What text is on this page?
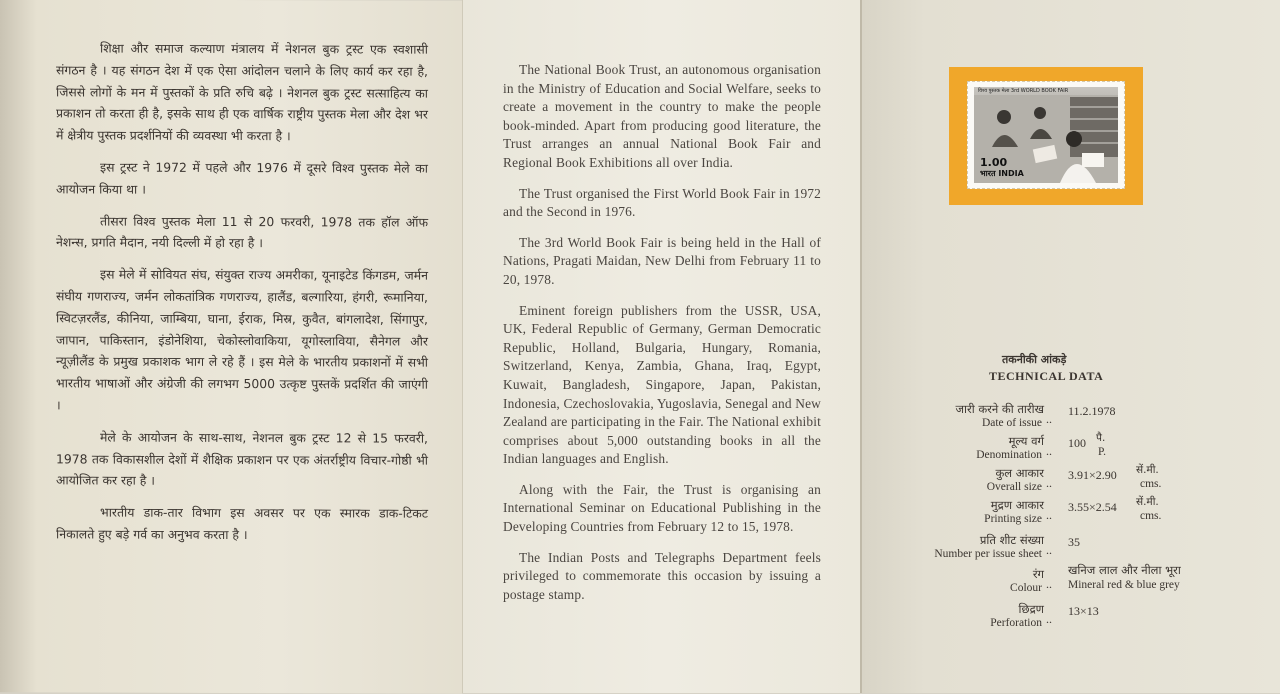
शिक्षा और समाज कल्याण मंत्रालय में नेशनल बुक ट्रस्ट एक स्वशासी संगठन है । यह संगठन देश में एक ऐसा आंदोलन चलाने के लिए कार्य कर रहा है, जिससे लोगों के मन में पुस्तकों के प्रति रुचि बढ़े । नेशनल बुक ट्रस्ट सत्साहित्य का प्रकाशन तो करता ही है, इसके साथ ही एक वार्षिक राष्ट्रीय पुस्तक मेला और देश भर में क्षेत्रीय पुस्तक प्रदर्शनियों की व्यवस्था भी करता है ।

इस ट्रस्ट ने 1972 में पहले और 1976 में दूसरे विश्व पुस्तक मेले का आयोजन किया था ।

तीसरा विश्व पुस्तक मेला 11 से 20 फरवरी, 1978 तक हॉल ऑफ नेशन्स, प्रगति मैदान, नयी दिल्ली में हो रहा है ।

इस मेले में सोवियत संघ, संयुक्त राज्य अमरीका, यूनाइटेड किंगडम, जर्मन संघीय गणराज्य, जर्मन लोकतांत्रिक गणराज्य, हालैंड, बल्गारिया, हंगरी, रूमानिया, स्विटज़रलैंड, कीनिया, जाम्बिया, घाना, ईराक, मिस्र, कुवैत, बांगलादेश, सिंगापुर, जापान, पाकिस्तान, इंडोनेशिया, चेकोस्लोवाकिया, यूगोस्लाविया, सैनेगल और न्यूज़ीलैंड के प्रमुख प्रकाशक भाग ले रहे हैं । इस मेले के भारतीय प्रकाशनों में सभी भारतीय भाषाओं और अंग्रेजी की लगभग 5000 उत्कृष्ट पुस्तकें प्रदर्शित की जाएंगी ।

मेले के आयोजन के साथ-साथ, नेशनल बुक ट्रस्ट 12 से 15 फरवरी, 1978 तक विकासशील देशों में शैक्षिक प्रकाशन पर एक अंतर्राष्ट्रीय विचार-गोष्ठी भी आयोजित कर रहा है ।

भारतीय डाक-तार विभाग इस अवसर पर एक स्मारक डाक-टिकट निकालते हुए बड़े गर्व का अनुभव करता है ।

The National Book Trust, an autonomous organisation in the Ministry of Education and Social Welfare, seeks to create a movement in the country to make the people book-minded. Apart from producing good literature, the Trust arranges an annual National Book Fair and Regional Book Exhibitions all over India.

The Trust organised the First World Book Fair in 1972 and the Second in 1976.

The 3rd World Book Fair is being held in the Hall of Nations, Pragati Maidan, New Delhi from February 11 to 20, 1978.

Eminent foreign publishers from the USSR, USA, UK, Federal Republic of Germany, German Democratic Republic, Holland, Bulgaria, Hungary, Romania, Switzerland, Kenya, Zambia, Ghana, Iraq, Egypt, Kuwait, Bangladesh, Singapore, Japan, Pakistan, Indonesia, Czechoslovakia, Yugoslavia, Senegal and New Zealand are participating in the Fair. The National exhibit comprises about 5,000 outstanding books in all the Indian languages and English.

Along with the Fair, the Trust is organising an International Seminar on Educational Publishing in the Developing Countries from February 12 to 15, 1978.

The Indian Posts and Telegraphs Department feels privileged to commemorate this occasion by issuing a postage stamp.

विश्व पुस्तक मेला 3rd WORLD BOOK FAIR
1.00
भारत INDIA
तकनीकी आंकड़े
TECHNICAL DATA
जारी करने की तारीख
Date of issue ..
11.2.1978
मूल्य वर्ग
Denomination ..
100 पै.
P.
कुल आकार
Overall size ..
3.91×2.90 सें.मी.
cms.
मुद्रण आकार
Printing size ..
3.55×2.54 सें.मी.
cms.
प्रति शीट संख्या
Number per issue sheet ..
35
रंग
Colour ..
खनिज लाल और नीला भूरा
Mineral red & blue grey
छिद्रण
Perforation ..
13×13
